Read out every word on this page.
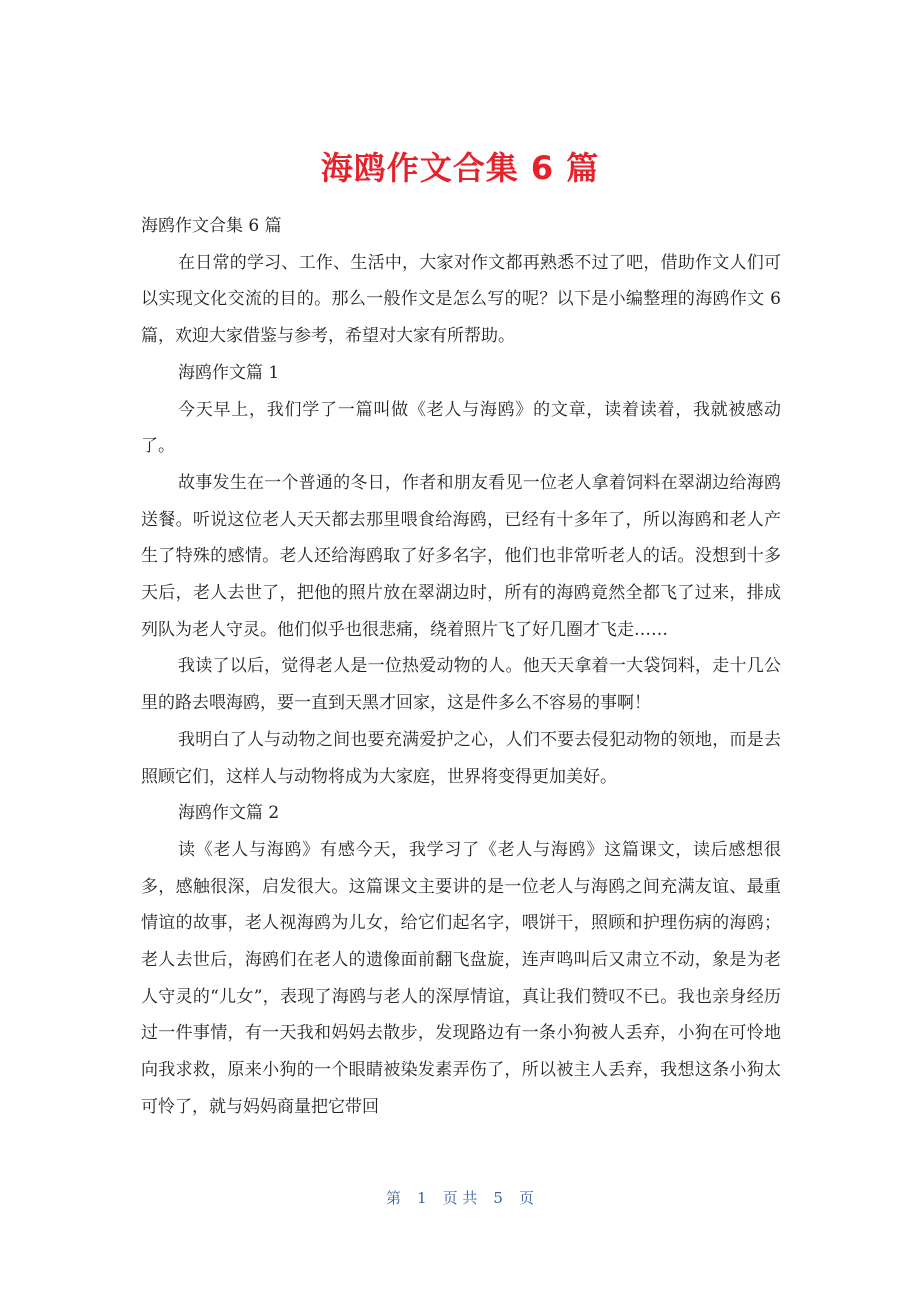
海鸥作文合集 6 篇

海鸥作文合集 6 篇

在日常的学习、工作、生活中，大家对作文都再熟悉不过了吧，借助作文人们可以实现文化交流的目的。那么一般作文是怎么写的呢？以下是小编整理的海鸥作文 6 篇，欢迎大家借鉴与参考，希望对大家有所帮助。

海鸥作文篇 1

今天早上，我们学了一篇叫做《老人与海鸥》的文章，读着读着，我就被感动了。

故事发生在一个普通的冬日，作者和朋友看见一位老人拿着饲料在翠湖边给海鸥送餐。听说这位老人天天都去那里喂食给海鸥，已经有十多年了，所以海鸥和老人产生了特殊的感情。老人还给海鸥取了好多名字，他们也非常听老人的话。没想到十多天后，老人去世了，把他的照片放在翠湖边时，所有的海鸥竟然全都飞了过来，排成列队为老人守灵。他们似乎也很悲痛，绕着照片飞了好几圈才飞走……

我读了以后，觉得老人是一位热爱动物的人。他天天拿着一大袋饲料，走十几公里的路去喂海鸥，要一直到天黑才回家，这是件多么不容易的事啊！

我明白了人与动物之间也要充满爱护之心，人们不要去侵犯动物的领地，而是去照顾它们，这样人与动物将成为大家庭，世界将变得更加美好。

海鸥作文篇 2

读《老人与海鸥》有感今天，我学习了《老人与海鸥》这篇课文，读后感想很多，感触很深，启发很大。这篇课文主要讲的是一位老人与海鸥之间充满友谊、最重情谊的故事，老人视海鸥为儿女，给它们起名字，喂饼干，照顾和护理伤病的海鸥；老人去世后，海鸥们在老人的遗像面前翻飞盘旋，连声鸣叫后又肃立不动，象是为老人守灵的“儿女”，表现了海鸥与老人的深厚情谊，真让我们赞叹不已。我也亲身经历过一件事情，有一天我和妈妈去散步，发现路边有一条小狗被人丢弃，小狗在可怜地向我求救，原来小狗的一个眼睛被染发素弄伤了，所以被主人丢弃，我想这条小狗太可怜了，就与妈妈商量把它带回

第 1 页 共 5 页
